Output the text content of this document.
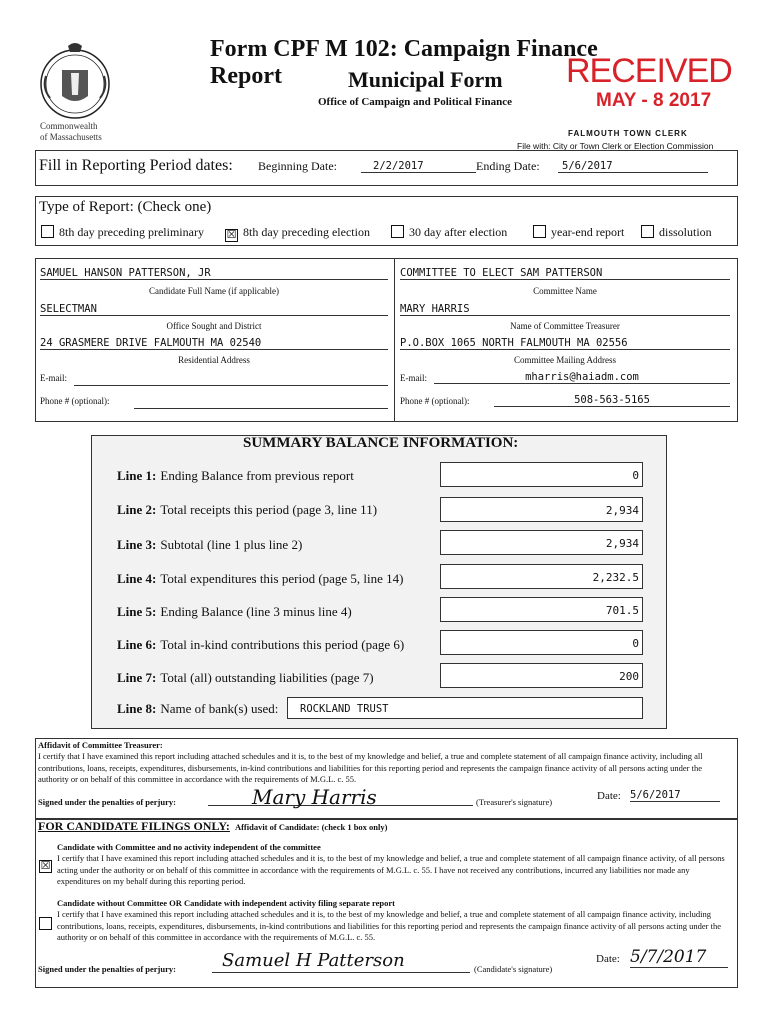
Commonwealth
of Massachusetts
Form CPF M 102: Campaign Finance Report	Municipal Form
Office of Campaign and Political Finance
RECEIVED
MAY - 8 2017
FALMOUTH TOWN CLERK
File with: City or Town Clerk or Election Commission
Fill in Reporting Period dates: Beginning Date:	2/2/2017	Ending Date:	5/6/2017
Type of Report: (Check one)
8th day preceding preliminary ☒ 8th day preceding election	30 day after election	year-end report	dissolution
SAMUEL HANSON PATTERSON, JR
Candidate Full Name (if applicable)
SELECTMAN
Office Sought and District
24 GRASMERE DRIVE FALMOUTH MA 02540
Residential Address
E-mail:
Phone # (optional):
COMMITTEE TO ELECT SAM PATTERSON
Committee Name
MARY HARRIS
Name of Committee Treasurer
P.O.BOX 1065 NORTH FALMOUTH MA 02556
Committee Mailing Address
E-mail:	mharris@haiadm.com
Phone # (optional):	508-563-5165
SUMMARY BALANCE INFORMATION:
Line 1: Ending Balance from previous report	0
Line 2: Total receipts this period (page 3, line 11)	2,934
Line 3: Subtotal (line 1 plus line 2)	2,934
Line 4: Total expenditures this period (page 5, line 14)	2,232.5
Line 5: Ending Balance (line 3 minus line 4)	701.5
Line 6: Total in-kind contributions this period (page 6)	0
Line 7: Total (all) outstanding liabilities (page 7)	200
Line 8: Name of bank(s) used:	ROCKLAND TRUST
Affidavit of Committee Treasurer:
I certify that I have examined this report including attached schedules and it is, to the best of my knowledge and belief, a true and complete statement of all campaign finance activity, including all contributions, loans, receipts, expenditures, disbursements, in-kind contributions and liabilities for this reporting period and represents the campaign finance activity of all persons acting under the authority or on behalf of this committee in accordance with the requirements of M.G.L. c. 55.
Signed under the penalties of perjury:	Mary Harris	(Treasurer's signature)	Date: 5/6/2017
FOR CANDIDATE FILINGS ONLY: Affidavit of Candidate: (check 1 box only)
Candidate with Committee and no activity independent of the committee
☒
I certify that I have examined this report including attached schedules and it is, to the best of my knowledge and belief, a true and complete statement of all campaign finance activity, of all persons acting under the authority or on behalf of this committee in accordance with the requirements of M.G.L. c. 55. I have not received any contributions, incurred any liabilities nor made any expenditures on my behalf during this reporting period.
Candidate without Committee OR Candidate with independent activity filing separate report
I certify that I have examined this report including attached schedules and it is, to the best of my knowledge and belief, a true and complete statement of all campaign finance activity, including contributions, loans, receipts, expenditures, disbursements, in-kind contributions and liabilities for this reporting period and represents the campaign finance activity of all persons acting under the authority or on behalf of this committee in accordance with the requirements of M.G.L. c. 55.
Signed under the penalties of perjury:	Samuel H Patterson	(Candidate's signature)
Date: 5/7/2017
